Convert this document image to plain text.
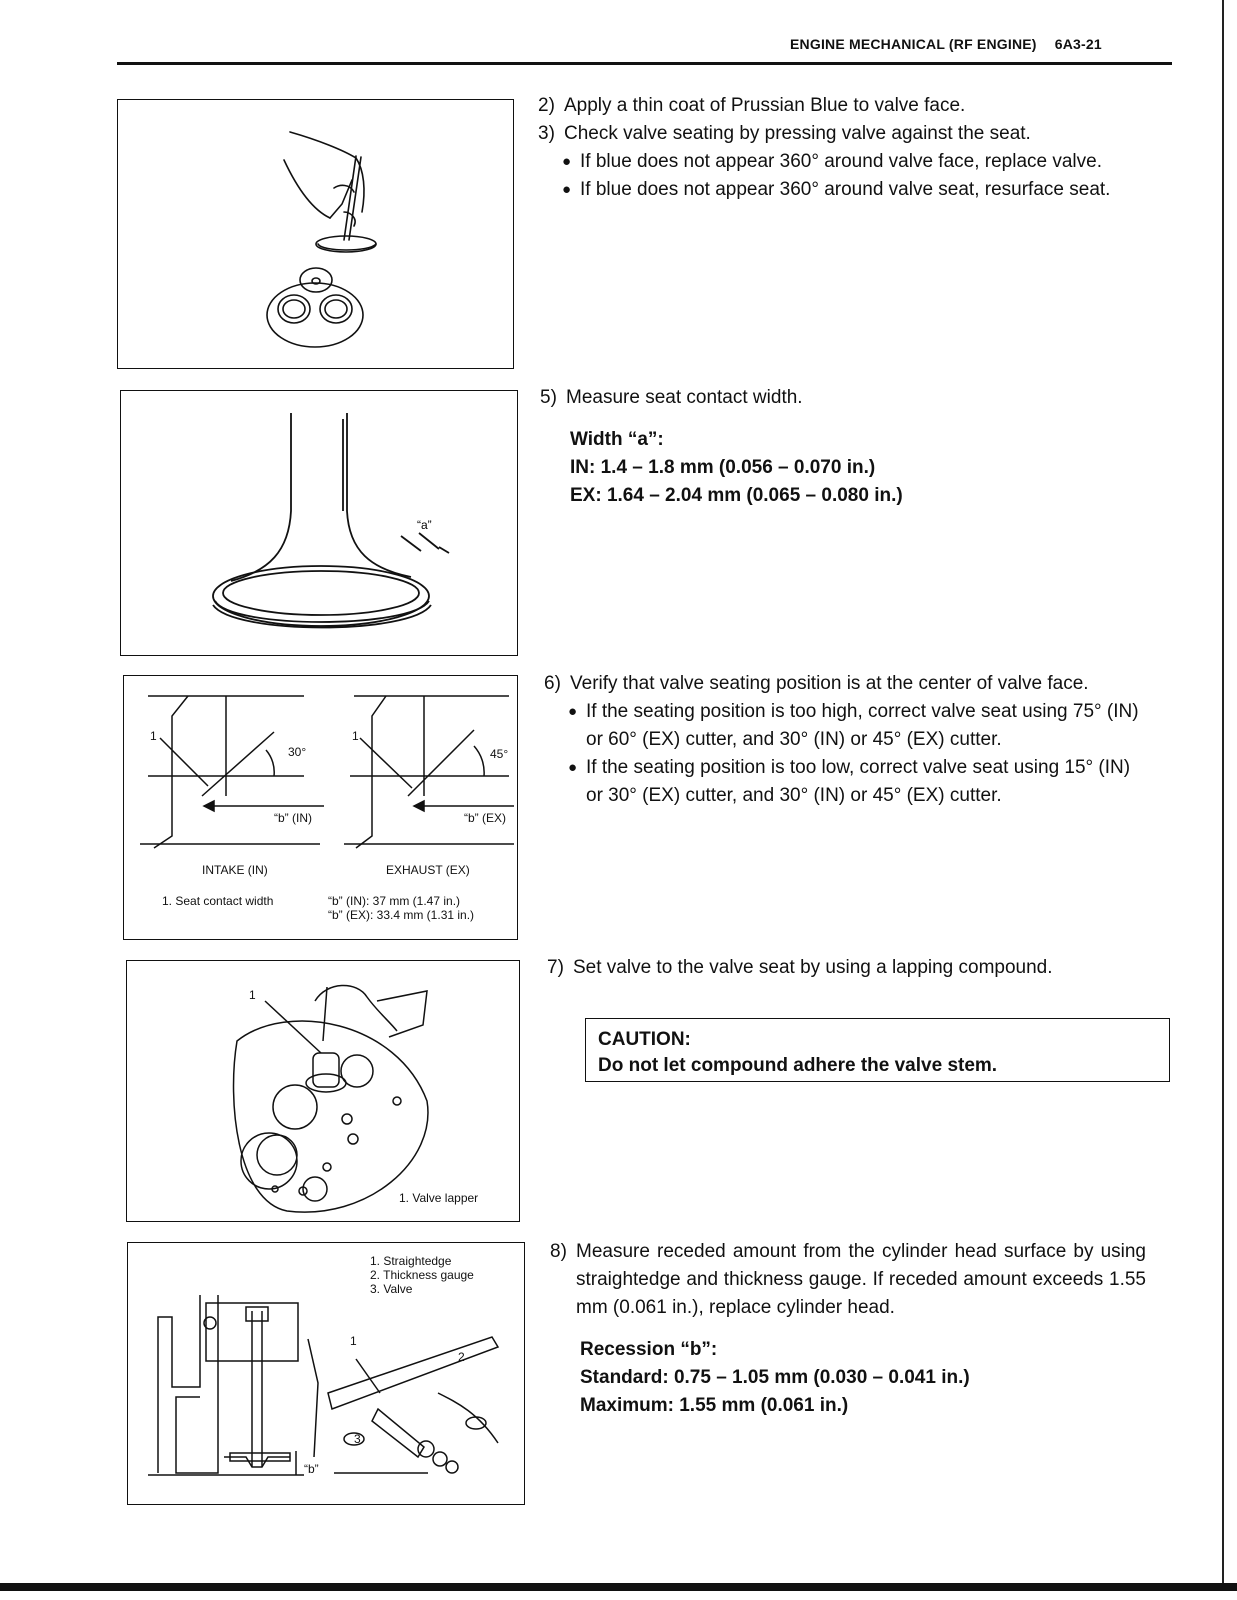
ENGINE MECHANICAL (RF ENGINE) 6A3-21
“a”
1	1
30°	45°
“b” (IN)	“b” (EX)
INTAKE (IN)	EXHAUST (EX)
1. Seat contact width	“b” (IN): 37 mm (1.47 in.)
“b” (EX): 33.4 mm (1.31 in.)
1
1. Valve lapper
1. Straightedge
2. Thickness gauge
3. Valve
1
2
3
“b”
2) Apply a thin coat of Prussian Blue to valve face.
3) Check valve seating by pressing valve against the seat.
● If blue does not appear 360° around valve face, replace valve.
● If blue does not appear 360° around valve seat, resurface seat.
5) Measure seat contact width.
Width “a”:
IN: 1.4 – 1.8 mm (0.056 – 0.070 in.)
EX: 1.64 – 2.04 mm (0.065 – 0.080 in.)
6) Verify that valve seating position is at the center of valve face.
● If the seating position is too high, correct valve seat using 75° (IN) or 60° (EX) cutter, and 30° (IN) or 45° (EX) cutter.
● If the seating position is too low, correct valve seat using 15° (IN) or 30° (EX) cutter, and 30° (IN) or 45° (EX) cutter.
7) Set valve to the valve seat by using a lapping compound.
CAUTION:
Do not let compound adhere the valve stem.
8) Measure receded amount from the cylinder head surface by using straightedge and thickness gauge. If receded amount exceeds 1.55 mm (0.061 in.), replace cylinder head.
Recession “b”:
Standard: 0.75 – 1.05 mm (0.030 – 0.041 in.)
Maximum: 1.55 mm (0.061 in.)
